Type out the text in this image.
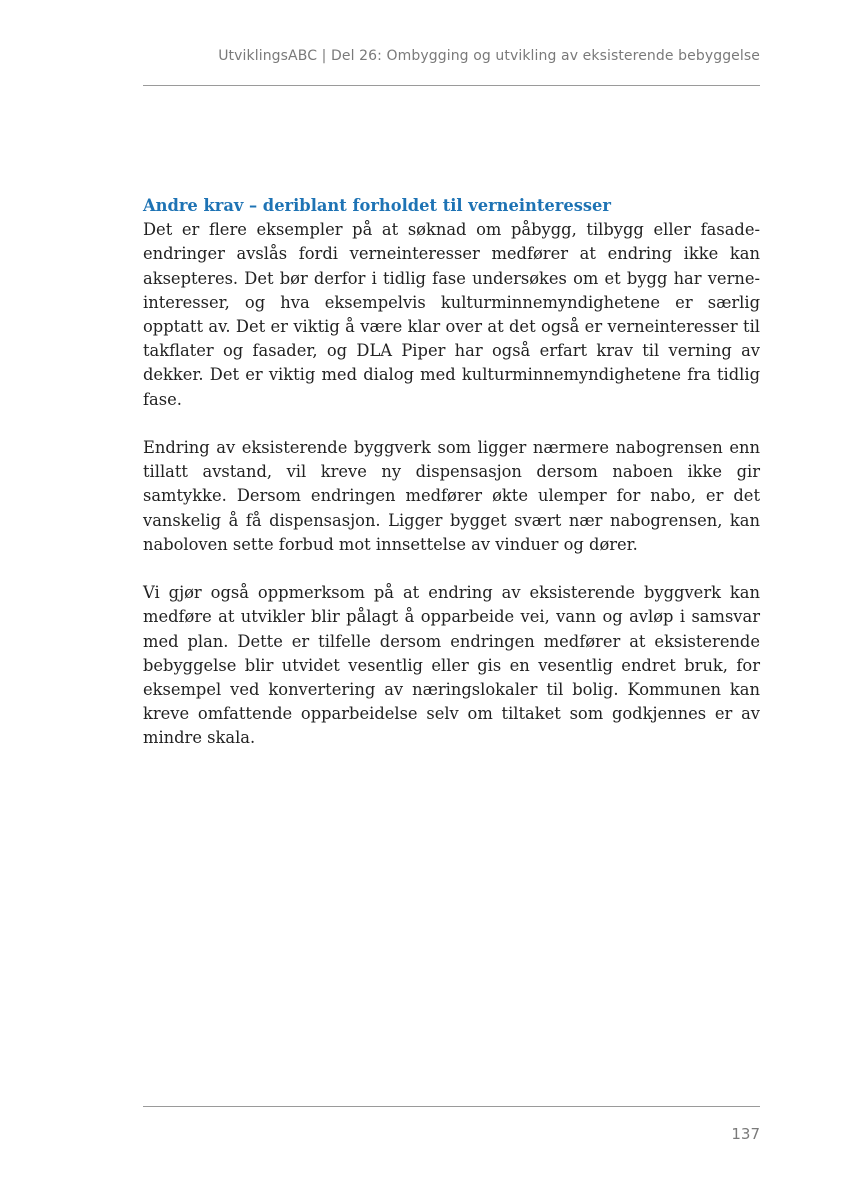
UtviklingsABC | Del 26: Ombygging og utvikling av eksisterende bebyggelse
Andre krav – deriblant forholdet til verneinteresser

Det er flere eksempler på at søknad om påbygg, tilbygg eller fasadeendringer avslås fordi verneinteresser medfører at endring ikke kan aksepteres. Det bør derfor i tidlig fase undersøkes om et bygg har verneinteresser, og hva eksempelvis kulturminnemyndighetene er særlig opptatt av. Det er viktig å være klar over at det også er verneinteresser til takflater og fasader, og DLA Piper har også erfart krav til verning av dekker. Det er viktig med dialog med kulturminnemyndighetene fra tidlig fase.

Endring av eksisterende byggverk som ligger nærmere nabogrensen enn tillatt avstand, vil kreve ny dispensasjon dersom naboen ikke gir samtykke. Dersom endringen medfører økte ulemper for nabo, er det vanskelig å få dispensasjon. Ligger bygget svært nær nabogrensen, kan naboloven sette forbud mot innsettelse av vinduer og dører.

Vi gjør også oppmerksom på at endring av eksisterende byggverk kan medføre at utvikler blir pålagt å opparbeide vei, vann og avløp i samsvar med plan. Dette er tilfelle dersom endringen medfører at eksisterende bebyggelse blir utvidet vesentlig eller gis en vesentlig endret bruk, for eksempel ved konvertering av næringslokaler til bolig. Kommunen kan kreve omfattende opparbeidelse selv om tiltaket som godkjennes er av mindre skala.

137
